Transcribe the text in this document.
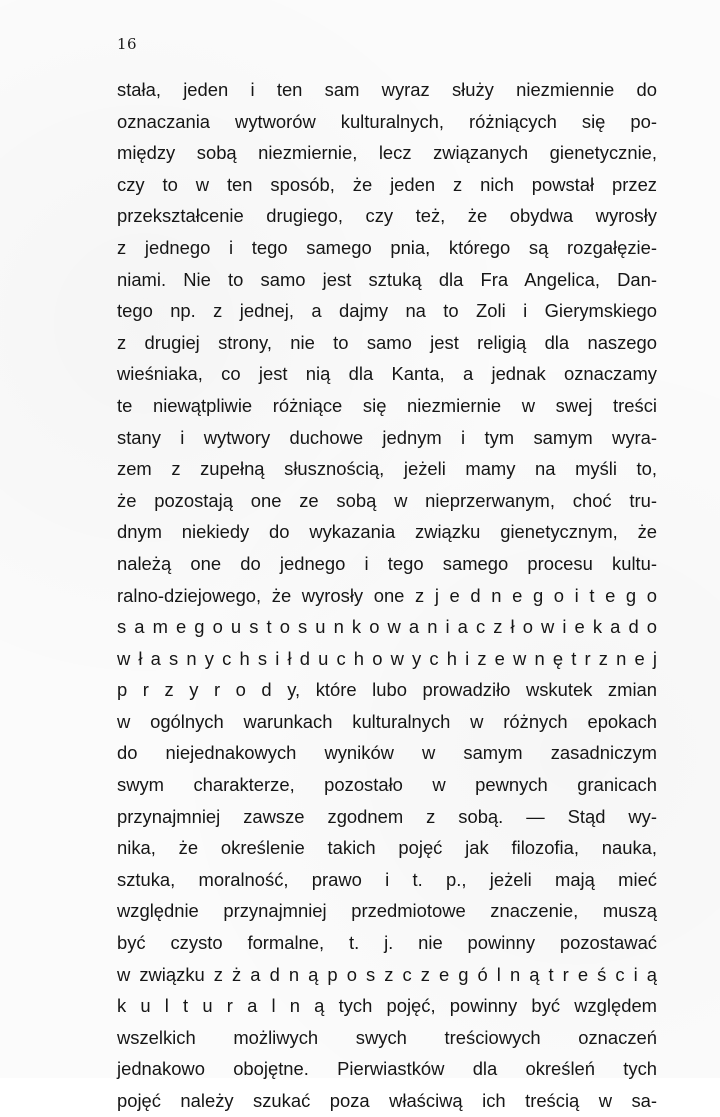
16
stała, jeden i ten sam wyraz służy niezmiennie do
oznaczania wytworów kulturalnych, różniących się po-
między sobą niezmiernie, lecz związanych gienetycznie,
czy to w ten sposób, że jeden z nich powstał przez
przekształcenie drugiego, czy też, że obydwa wyrosły
z jednego i tego samego pnia, którego są rozgałęzie-
niami. Nie to samo jest sztuką dla Fra Angelica, Dan-
tego np. z jednej, a dajmy na to Zoli i Gierymskiego
z drugiej strony, nie to samo jest religią dla naszego
wieśniaka, co jest nią dla Kanta, a jednak oznaczamy
te niewątpliwie różniące się niezmiernie w swej treści
stany i wytwory duchowe jednym i tym samym wyra-
zem z zupełną słusznością, jeżeli mamy na myśli to,
że pozostają one ze sobą w nieprzerwanym, choć tru-
dnym niekiedy do wykazania związku gienetycznym, że
należą one do jednego i tego samego procesu kultu-
ralno-dziejowego, że wyrosły one z j e d n e g o i t e g o
s a m e g o u s t o s u n k o w a n i a c z ł o w i e k a d o
w ł a s n y c h s i ł d u c h o w y c h i z e w n ę t r z n e j
p r z y r o d y, które lubo prowadziło wskutek zmian
w ogólnych warunkach kulturalnych w różnych epokach
do niejednakowych wyników w samym zasadniczym
swym charakterze, pozostało w pewnych granicach
przynajmniej zawsze zgodnem z sobą. — Stąd wy-
nika, że określenie takich pojęć jak filozofia, nauka,
sztuka, moralność, prawo i t. p., jeżeli mają mieć
względnie przynajmniej przedmiotowe znaczenie, muszą
być czysto formalne, t. j. nie powinny pozostawać
w związku z ż a d n ą p o s z c z e g ó l n ą t r e ś c i ą
k u l t u r a l n ą tych pojęć, powinny być względem
wszelkich możliwych swych treściowych oznaczeń
jednakowo obojętne. Pierwiastków dla określeń tych
pojęć należy szukać poza właściwą ich treścią w sa-
